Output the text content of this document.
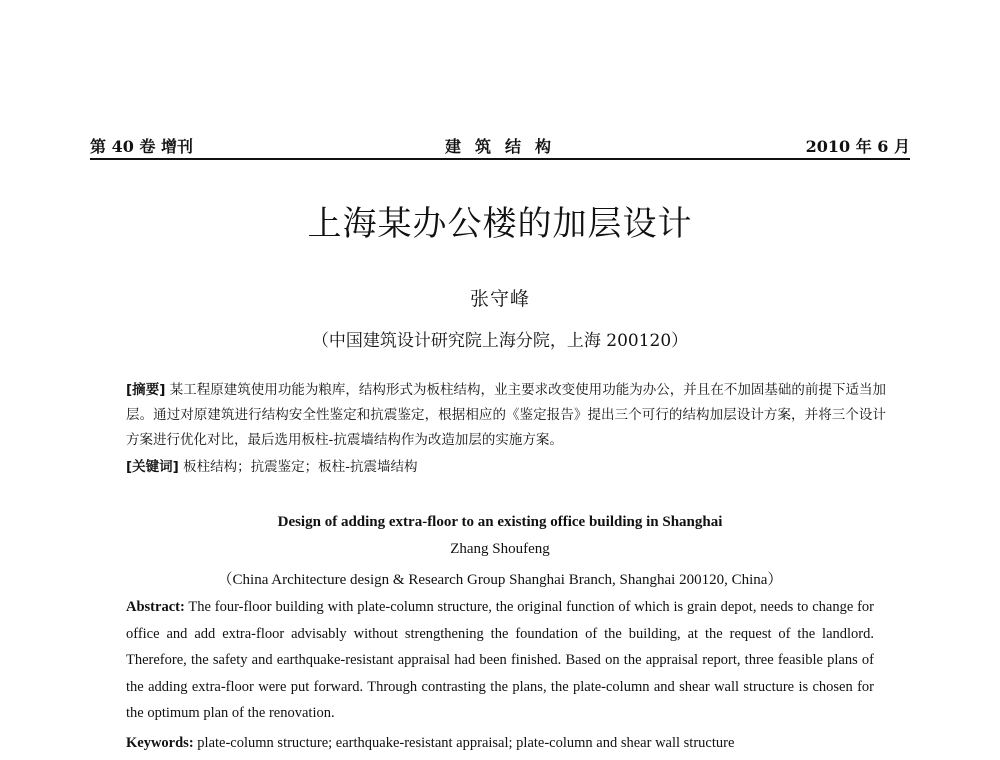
第 40 卷 增刊	建筑结构	2010 年 6 月
上海某办公楼的加层设计
张守峰
（中国建筑设计研究院上海分院，上海 200120）
[摘要] 某工程原建筑使用功能为粮库，结构形式为板柱结构，业主要求改变使用功能为办公，并且在不加固基础的前提下适当加层。通过对原建筑进行结构安全性鉴定和抗震鉴定，根据相应的《鉴定报告》提出三个可行的结构加层设计方案，并将三个设计方案进行优化对比，最后选用板柱-抗震墙结构作为改造加层的实施方案。
[关键词] 板柱结构；抗震鉴定；板柱-抗震墙结构
Design of adding extra-floor to an existing office building in Shanghai
Zhang Shoufeng
（China Architecture design & Research Group Shanghai Branch, Shanghai 200120, China）
Abstract: The four-floor building with plate-column structure, the original function of which is grain depot, needs to change for office and add extra-floor advisably without strengthening the foundation of the building, at the request of the landlord. Therefore, the safety and earthquake-resistant appraisal had been finished. Based on the appraisal report, three feasible plans of the adding extra-floor were put forward. Through contrasting the plans, the plate-column and shear wall structure is chosen for the optimum plan of the renovation.
Keywords: plate-column structure; earthquake-resistant appraisal; plate-column and shear wall structure
